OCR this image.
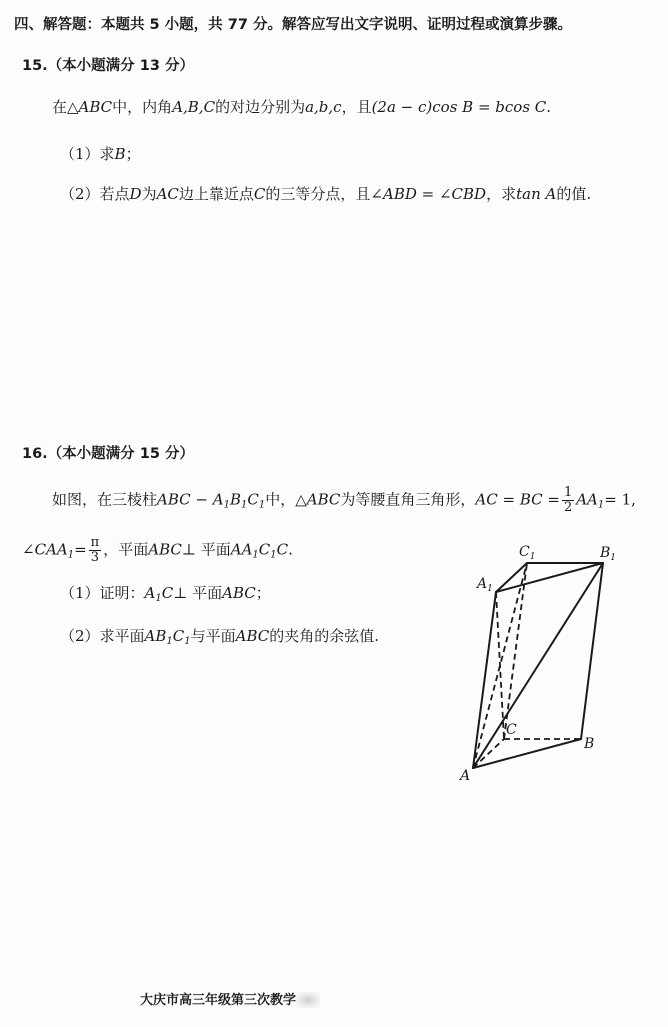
四、解答题：本题共 5 小题，共 77 分。解答应写出文字说明、证明过程或演算步骤。
15.（本小题满分 13 分）
在△ABC中，内角A,B,C的对边分别为a,b,c，且(2a − c)cos B = bcos C.
（1）求B；
（2）若点D为AC边上靠近点C的三等分点，且∠ABD = ∠CBD，求tan A的值.
16.（本小题满分 15 分）
如图，在三棱柱ABC − $A_1B_1C_1$中，△ABC为等腰直角三角形，AC = BC = $\frac{1}{2} AA_1= 1$,
$\angle CAA_1= \frac{\pi}{3}$ ，平面ABC⊥ 平面$AA_1C_1C$.
（1）证明：$A_1C\perp$ 平面ABC；
（2）求平面$AB_1C_1$与平面ABC的夹角的余弦值.
$A_1$
$C_1$	$B_1$
C
B
A
大庆市高三年级第三次教学
